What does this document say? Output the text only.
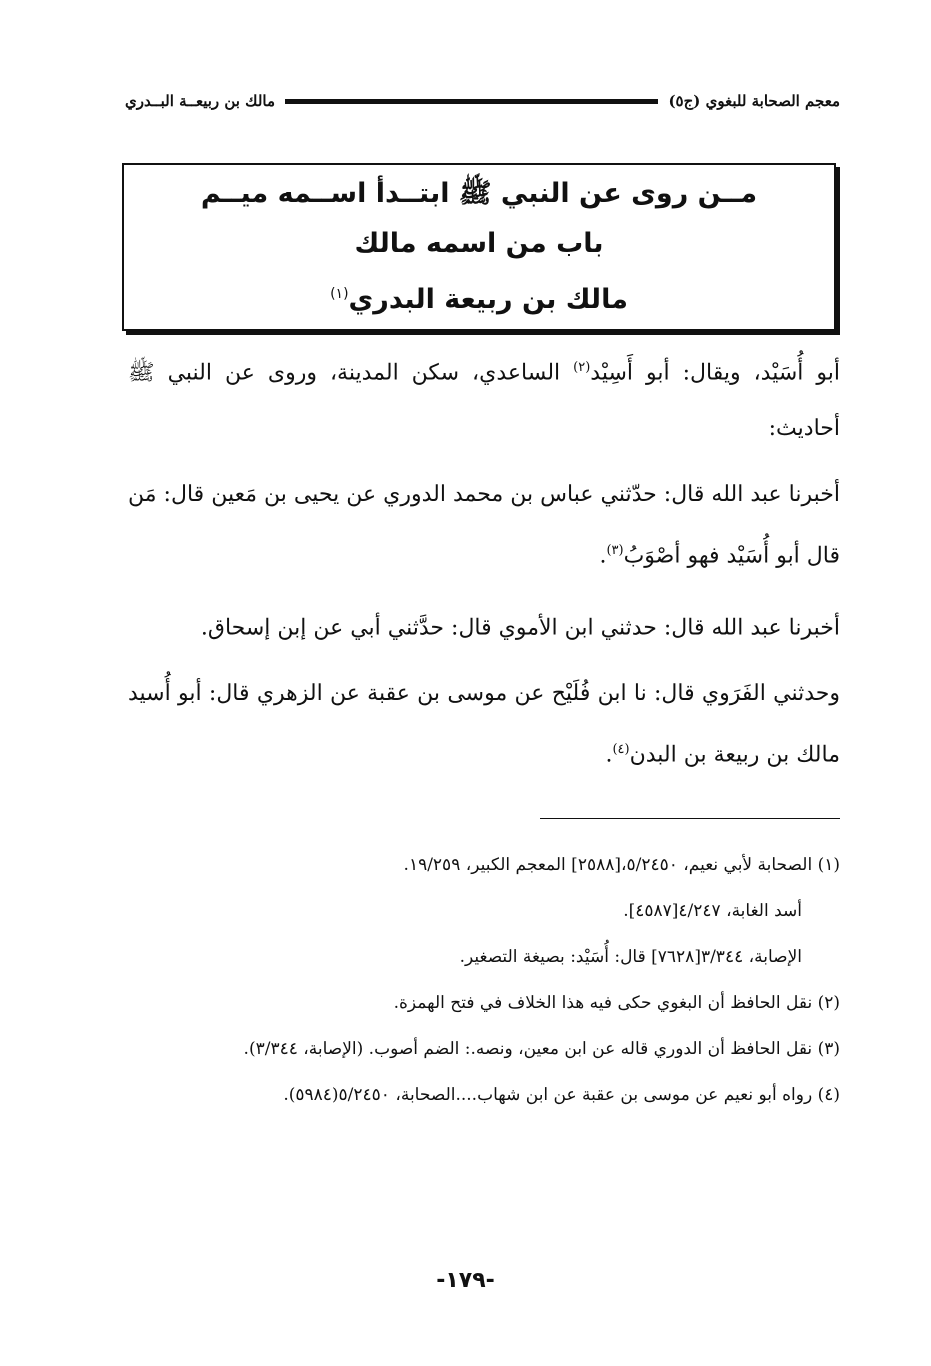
معجم الصحابة للبغوي (ج٥)
مالك بن ربيعــة البــدري
مــن روى عن النبي ﷺ ابتــدأ اســمه ميــم
باب من اسمه مالك
مالك بن ربيعة البدري$^{(١)}$

أبو أُسَيْد، ويقال: أبو أَسِيْد$^{(٢)}$ الساعدي، سكن المدينة، وروى عن النبي ﷺ أحاديث:

أخبرنا عبد الله قال: حدّثني عباس بن محمد الدوري عن يحيى بن مَعين قال: مَن قال أبو أُسَيْد فهو أصْوَبُ$^{(٣)}$.

أخبرنا عبد الله قال: حدثني ابن الأموي قال: حدَّثني أبي عن إبن إسحاق.

وحدثني الفَرَوي قال: نا ابن فُلَيْح عن موسى بن عقبة عن الزهري قال: أبو أُسيد مالك بن ربيعة بن البدن$^{(٤)}$.

(١) الصحابة لأبي نعيم، ٥/٢٤٥٠،[٢٥٨٨] المعجم الكبير، ١٩/٢٥٩.

أسد الغابة، ٤/٢٤٧[٤٥٨٧].

الإصابة، ٣/٣٤٤[٧٦٢٨] قال: أُسَيْد: بصيغة التصغير.

(٢) نقل الحافظ أن البغوي حكى فيه هذا الخلاف في فتح الهمزة.

(٣) نقل الحافظ أن الدوري قاله عن ابن معين، ونصه.: الضم أصوب. (الإصابة، ٣/٣٤٤).

(٤) رواه أبو نعيم عن موسى بن عقبة عن ابن شهاب....الصحابة، ٥/٢٤٥٠(٥٩٨٤).

-١٧٩-
